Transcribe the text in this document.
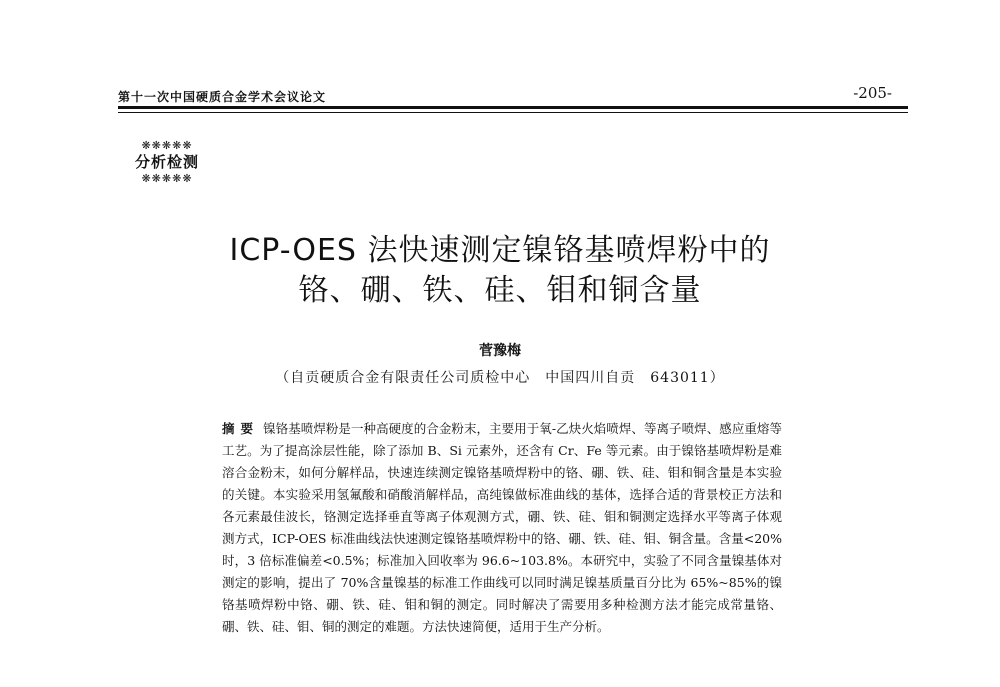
第十一次中国硬质合金学术会议论文	-205-
❋❋❋❋❋
分析检测
❋❋❋❋❋
ICP-OES 法快速测定镍铬基喷焊粉中的
铬、硼、铁、硅、钼和铜含量
菅豫梅
（自贡硬质合金有限责任公司质检中心　中国四川自贡　643011）
摘要 镍铬基喷焊粉是一种高硬度的合金粉末，主要用于氧-乙炔火焰喷焊、等离子喷焊、感应重熔等工艺。为了提高涂层性能，除了添加 B、Si 元素外，还含有 Cr、Fe 等元素。由于镍铬基喷焊粉是难溶合金粉末，如何分解样品，快速连续测定镍铬基喷焊粉中的铬、硼、铁、硅、钼和铜含量是本实验的关键。本实验采用氢氟酸和硝酸消解样品，高纯镍做标准曲线的基体，选择合适的背景校正方法和各元素最佳波长，铬测定选择垂直等离子体观测方式，硼、铁、硅、钼和铜测定选择水平等离子体观测方式，ICP-OES 标准曲线法快速测定镍铬基喷焊粉中的铬、硼、铁、硅、钼、铜含量。含量<20% 时，3 倍标准偏差<0.5%；标准加入回收率为 96.6~103.8%。本研究中，实验了不同含量镍基体对测定的影响，提出了 70%含量镍基的标准工作曲线可以同时满足镍基质量百分比为 65%~85%的镍铬基喷焊粉中铬、硼、铁、硅、钼和铜的测定。同时解决了需要用多种检测方法才能完成常量铬、硼、铁、硅、钼、铜的测定的难题。方法快速简便，适用于生产分析。
